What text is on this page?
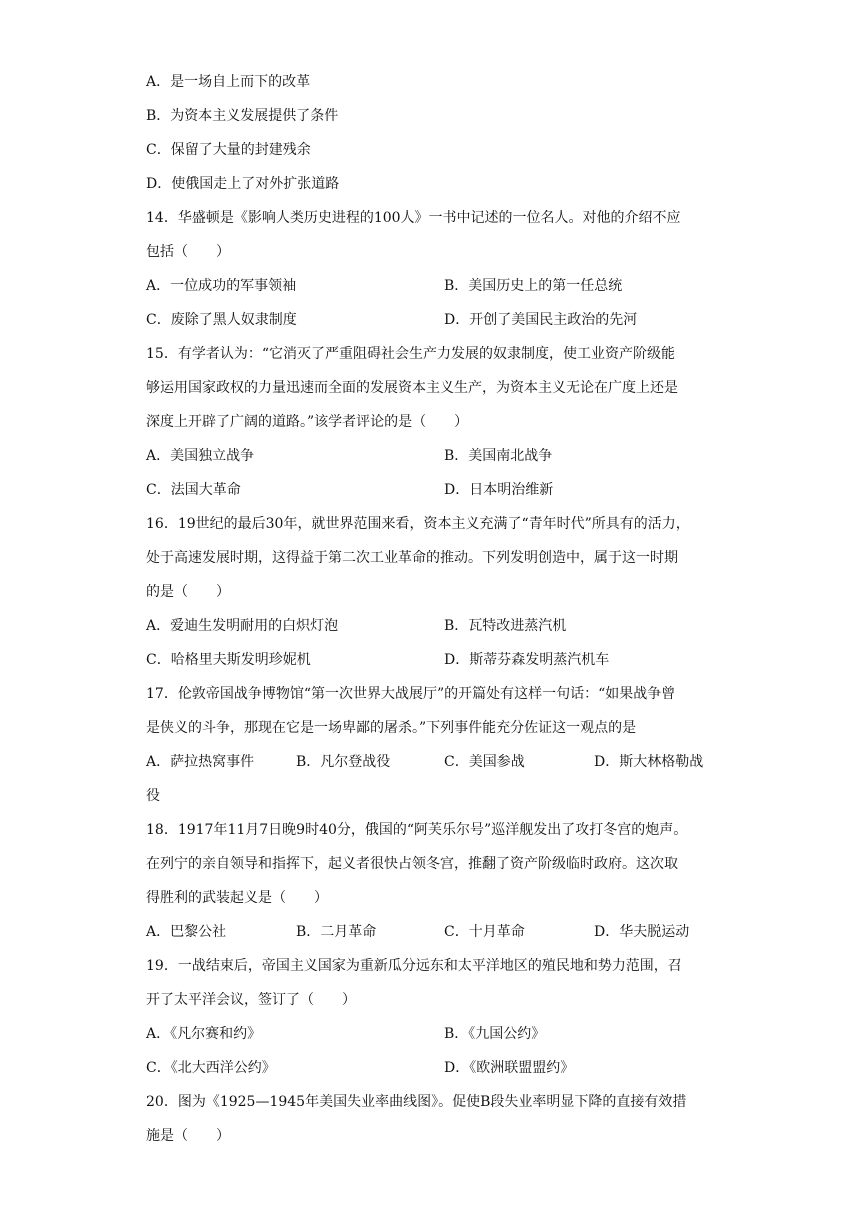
A．是一场自上而下的改革
B．为资本主义发展提供了条件
C．保留了大量的封建残余
D．使俄国走上了对外扩张道路
14．华盛顿是《影响人类历史进程的100人》一书中记述的一位名人。对他的介绍不应
包括（　　）
A．一位成功的军事领袖	B．美国历史上的第一任总统
C．废除了黑人奴隶制度	D．开创了美国民主政治的先河
15．有学者认为：“它消灭了严重阻碍社会生产力发展的奴隶制度，使工业资产阶级能
够运用国家政权的力量迅速而全面的发展资本主义生产，为资本主义无论在广度上还是
深度上开辟了广阔的道路。”该学者评论的是（　　）
A．美国独立战争	B．美国南北战争
C．法国大革命	D．日本明治维新
16．19世纪的最后30年，就世界范围来看，资本主义充满了“青年时代”所具有的活力，
处于高速发展时期，这得益于第二次工业革命的推动。下列发明创造中，属于这一时期
的是（　　）
A．爱迪生发明耐用的白炽灯泡	B．瓦特改进蒸汽机
C．哈格里夫斯发明珍妮机	D．斯蒂芬森发明蒸汽机车
17．伦敦帝国战争博物馆“第一次世界大战展厅”的开篇处有这样一句话：“如果战争曾
是侠义的斗争，那现在它是一场卑鄙的屠杀。”下列事件能充分佐证这一观点的是
A．萨拉热窝事件	B．凡尔登战役	C．美国参战	D．斯大林格勒战
役
18．1917年11月7日晚9时40分，俄国的“阿芙乐尔号”巡洋舰发出了攻打冬宫的炮声。
在列宁的亲自领导和指挥下，起义者很快占领冬宫，推翻了资产阶级临时政府。这次取
得胜利的武装起义是（　　）
A．巴黎公社	B．二月革命	C．十月革命	D．华夫脱运动
19．一战结束后，帝国主义国家为重新瓜分远东和太平洋地区的殖民地和势力范围，召
开了太平洋会议，签订了（　　）
A．《凡尔赛和约》	B．《九国公约》
C．《北大西洋公约》	D．《欧洲联盟盟约》
20．图为《1925—1945年美国失业率曲线图》。促使B段失业率明显下降的直接有效措
施是（　　）
